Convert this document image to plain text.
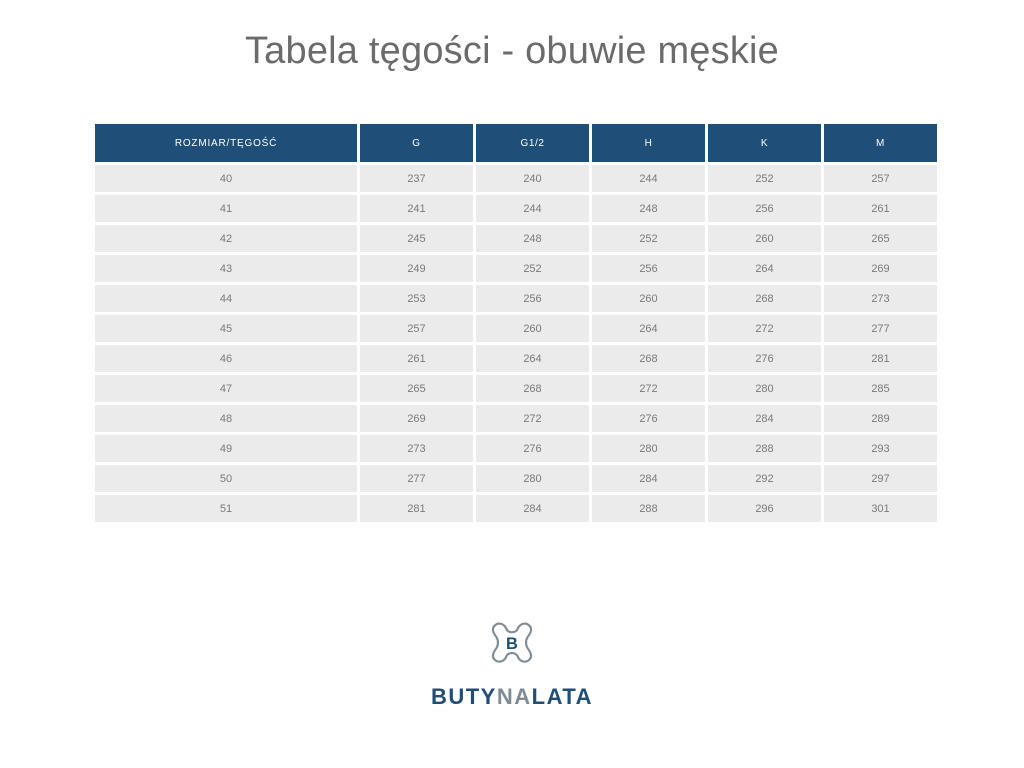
Tabela tęgości - obuwie męskie
ROZMIAR/TĘGOŚĆ	G	G1/2	H	K	M
40	237	240	244	252	257
41	241	244	248	256	261
42	245	248	252	260	265
43	249	252	256	264	269
44	253	256	260	268	273
45	257	260	264	272	277
46	261	264	268	276	281
47	265	268	272	280	285
48	269	272	276	284	289
49	273	276	280	288	293
50	277	280	284	292	297
51	281	284	288	296	301
B
BUTYNALATA
